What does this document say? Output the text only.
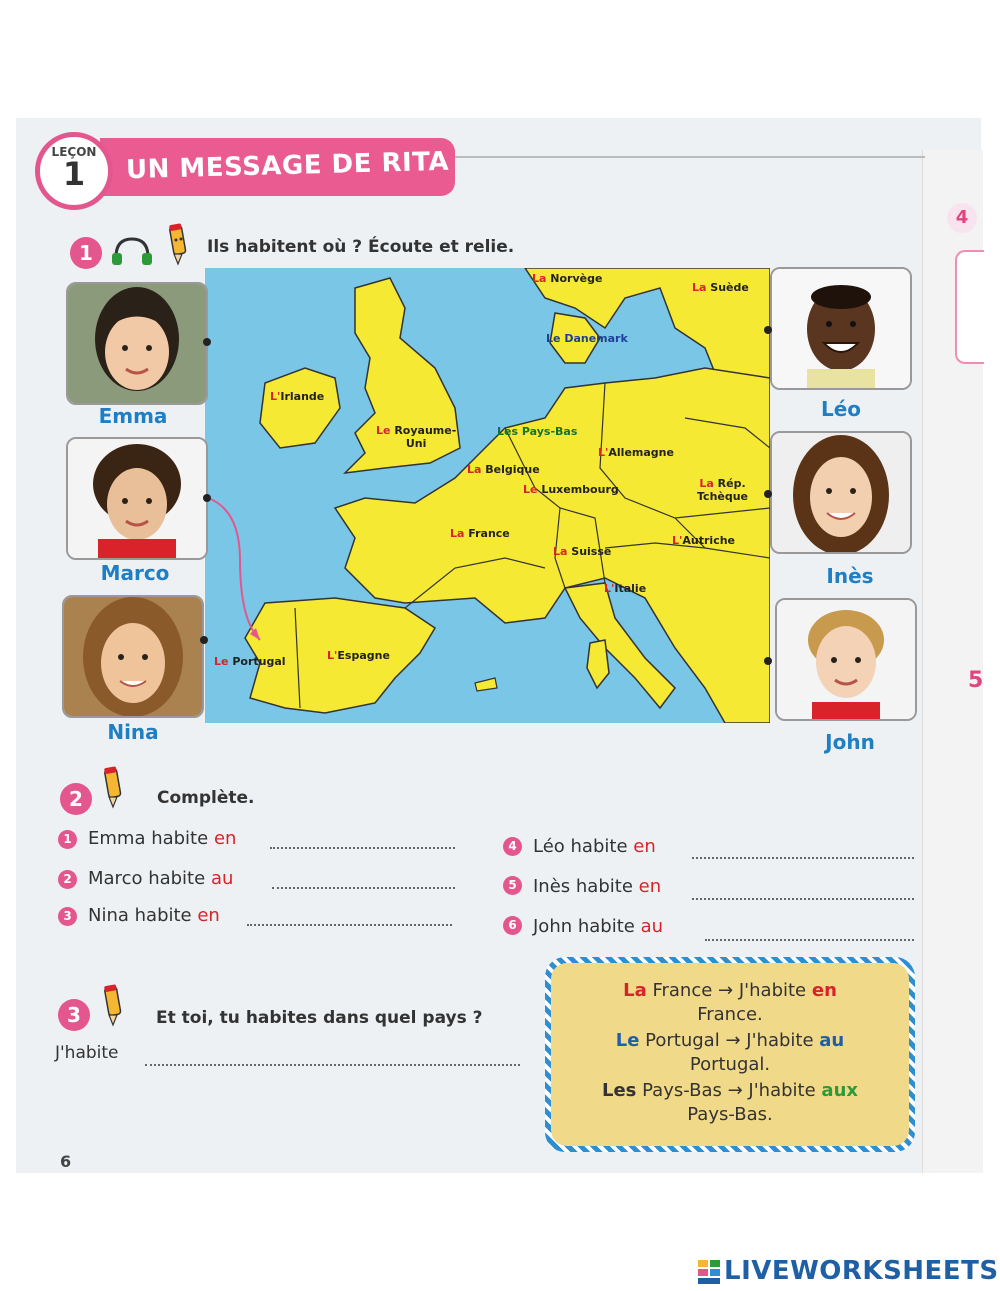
4
5
LEÇON
1	UN MESSAGE DE RITA
1	Ils habitent où ? Écoute et relie.
La Norvège
La Suède
Le Danemark
L'Irlande
Le Royaume-
Uni
Les Pays-Bas
L'Allemagne
La Belgique
Le Luxembourg	La Rép.
Tchèque
La France
La Suisse
L'Autriche
L'Italie
Le Portugal	L'Espagne
Emma
Marco
Nina
Léo
Inès
John
2	Complète.
1 Emma habite en
2 Marco habite au
3 Nina habite en
4 Léo habite en
5 Inès habite en
6 John habite au
3	Et toi, tu habites dans quel pays ?
J'habite
La France → J'habite en
France.
Le Portugal → J'habite au
Portugal.
Les Pays-Bas → J'habite aux
Pays-Bas.
6
LIVEWORKSHEETS
